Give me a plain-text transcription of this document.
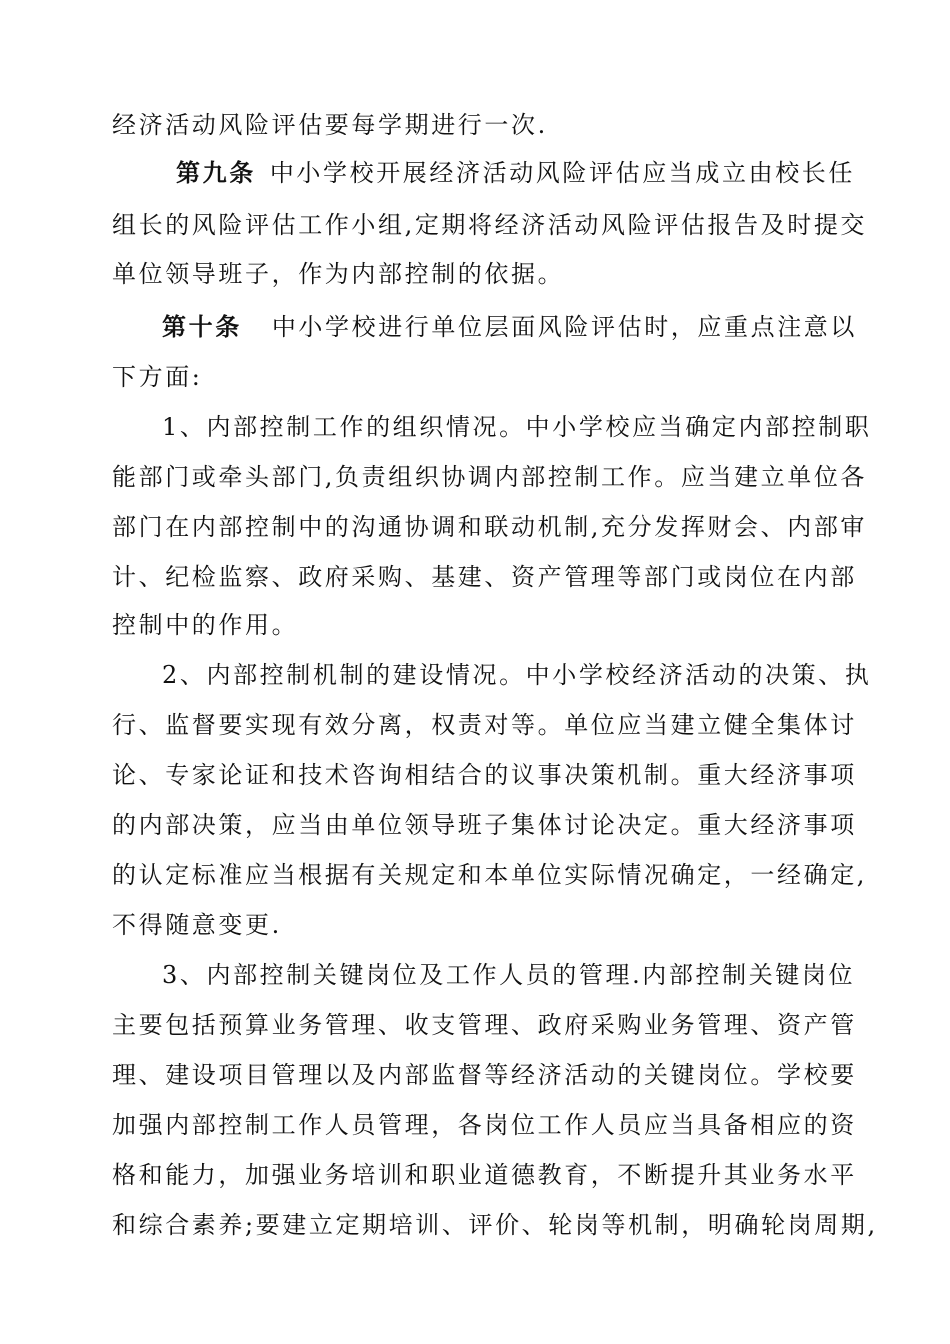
经济活动风险评估要每学期进行一次.
第九条 中小学校开展经济活动风险评估应当成立由校长任
组长的风险评估工作小组,定期将经济活动风险评估报告及时提交
单位领导班子，作为内部控制的依据。
第十条 中小学校进行单位层面风险评估时，应重点注意以
下方面:
1、内部控制工作的组织情况。中小学校应当确定内部控制职
能部门或牵头部门,负责组织协调内部控制工作。应当建立单位各
部门在内部控制中的沟通协调和联动机制,充分发挥财会、内部审
计、纪检监察、政府采购、基建、资产管理等部门或岗位在内部
控制中的作用。
2、内部控制机制的建设情况。中小学校经济活动的决策、执
行、监督要实现有效分离，权责对等。单位应当建立健全集体讨
论、专家论证和技术咨询相结合的议事决策机制。重大经济事项
的内部决策，应当由单位领导班子集体讨论决定。重大经济事项
的认定标准应当根据有关规定和本单位实际情况确定，一经确定,
不得随意变更.
3、内部控制关键岗位及工作人员的管理.内部控制关键岗位
主要包括预算业务管理、收支管理、政府采购业务管理、资产管
理、建设项目管理以及内部监督等经济活动的关键岗位。学校要
加强内部控制工作人员管理，各岗位工作人员应当具备相应的资
格和能力，加强业务培训和职业道德教育，不断提升其业务水平
和综合素养;要建立定期培训、评价、轮岗等机制，明确轮岗周期,
